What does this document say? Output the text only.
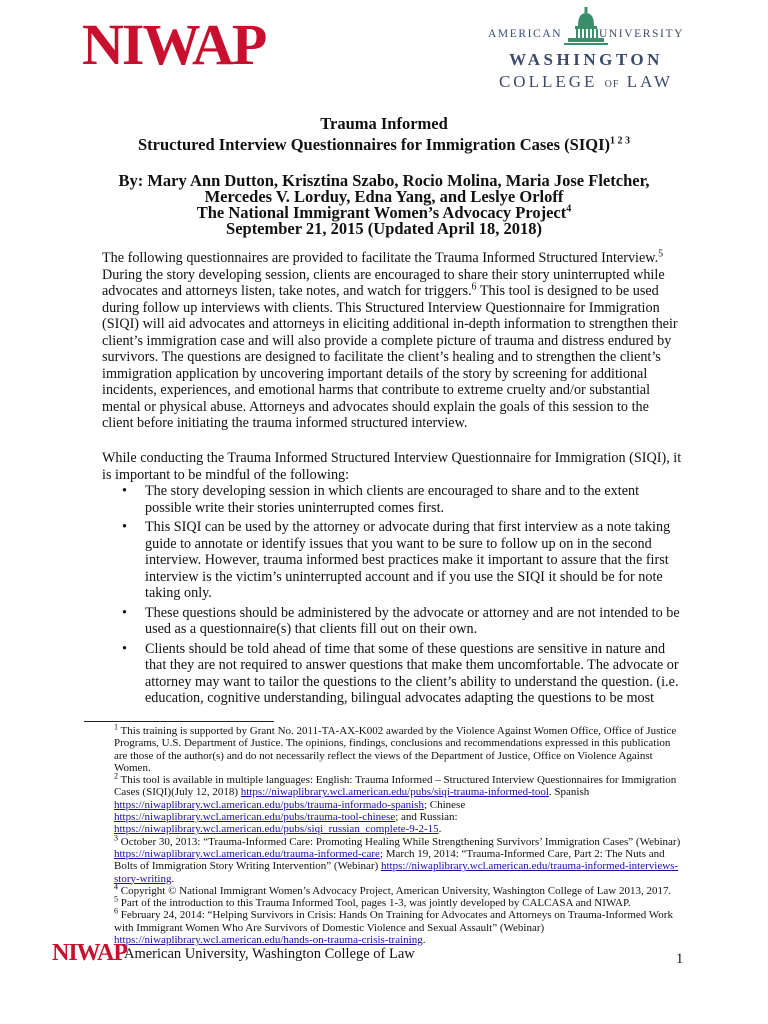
NIWAP	AMERICAN	UNIVERSITY
WASHINGTON
COLLEGE OF LAW
Trauma Informed
Structured Interview Questionnaires for Immigration Cases (SIQI)$^{1 2 3}$
By: Mary Ann Dutton, Krisztina Szabo, Rocio Molina, Maria Jose Fletcher,
Mercedes V. Lorduy, Edna Yang, and Leslye Orloff
The National Immigrant Women’s Advocacy Project$^4$
September 21, 2015 (Updated April 18, 2018)

The following questionnaires are provided to facilitate the Trauma Informed Structured Interview.$^5$ During the story developing session, clients are encouraged to share their story uninterrupted while advocates and attorneys listen, take notes, and watch for triggers.$^6$ This tool is designed to be used during follow up interviews with clients. This Structured Interview Questionnaire for Immigration (SIQI) will aid advocates and attorneys in eliciting additional in-depth information to strengthen their client’s immigration case and will also provide a complete picture of trauma and distress endured by survivors. The questions are designed to facilitate the client’s healing and to strengthen the client’s immigration application by uncovering important details of the story by screening for additional incidents, experiences, and emotional harms that contribute to extreme cruelty and/or substantial mental or physical abuse. Attorneys and advocates should explain the goals of this session to the client before initiating the trauma informed structured interview.

While conducting the Trauma Informed Structured Interview Questionnaire for Immigration (SIQI), it is important to be mindful of the following:

• The story developing session in which clients are encouraged to share and to the extent possible write their stories uninterrupted comes first.
• This SIQI can be used by the attorney or advocate during that first interview as a note taking guide to annotate or identify issues that you want to be sure to follow up on in the second interview. However, trauma informed best practices make it important to assure that the first interview is the victim’s uninterrupted account and if you use the SIQI it should be for note taking only.
• These questions should be administered by the advocate or attorney and are not intended to be used as a questionnaire(s) that clients fill out on their own.
• Clients should be told ahead of time that some of these questions are sensitive in nature and that they are not required to answer questions that make them uncomfortable. The advocate or attorney may want to tailor the questions to the client’s ability to understand the question. (i.e. education, cognitive understanding, bilingual advocates adapting the questions to be most

$^1$ This training is supported by Grant No. 2011-TA-AX-K002 awarded by the Violence Against Women Office, Office of Justice Programs, U.S. Department of Justice. The opinions, findings, conclusions and recommendations expressed in this publication are those of the author(s) and do not necessarily reflect the views of the Department of Justice, Office on Violence Against Women.

$^2$ This tool is available in multiple languages: English: Trauma Informed – Structured Interview Questionnaires for Immigration Cases (SIQI)(July 12, 2018) https://niwaplibrary.wcl.american.edu/pubs/siqi-trauma-informed-tool. Spanish https://niwaplibrary.wcl.american.edu/pubs/trauma-informado-spanish; Chinese https://niwaplibrary.wcl.american.edu/pubs/trauma-tool-chinese; and Russian: https://niwaplibrary.wcl.american.edu/pubs/siqi_russian_complete-9-2-15.

$^3$ October 30, 2013: “Trauma-Informed Care: Promoting Healing While Strengthening Survivors’ Immigration Cases” (Webinar) https://niwaplibrary.wcl.american.edu/trauma-informed-care; March 19, 2014: “Trauma-Informed Care, Part 2: The Nuts and Bolts of Immigration Story Writing Intervention” (Webinar) https://niwaplibrary.wcl.american.edu/trauma-informed-interviews-story-writing.

$^4$ Copyright © National Immigrant Women’s Advocacy Project, American University, Washington College of Law 2013, 2017.

$^5$ Part of the introduction to this Trauma Informed Tool, pages 1-3, was jointly developed by CALCASA and NIWAP.

$^6$ February 24, 2014: “Helping Survivors in Crisis: Hands On Training for Advocates and Attorneys on Trauma-Informed Work with Immigrant Women Who Are Survivors of Domestic Violence and Sexual Assault” (Webinar) https://niwaplibrary.wcl.american.edu/hands-on-trauma-crisis-training.

NIWAP
American University, Washington College of Law	1
